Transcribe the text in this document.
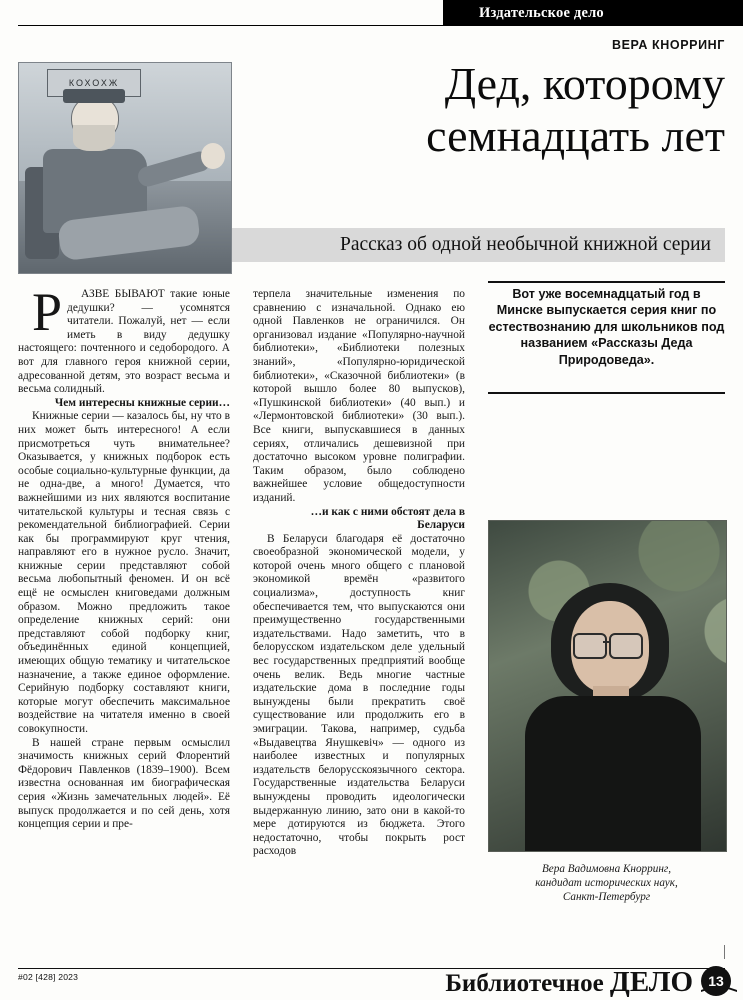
Издательское дело
ВЕРА КНОРРИНГ
Дед, которому
семнадцать лет
Рассказ об одной необычной книжной серии
КОХОХЖ

Р	АЗВЕ БЫВАЮТ такие юные дедушки? — усомнятся читатели. Пожалуй, нет — если иметь в виду дедушку настоящего: почтенного и седобородого. А вот для главного героя книжной серии, адресованной детям, это возраст весьма и весьма солидный.

Чем интересны книжные серии…

Книжные серии — казалось бы, ну что в них может быть интересного! А если присмотреться чуть внимательнее? Оказывается, у книжных подборок есть особые социально-культурные функции, да не одна-две, а много! Думается, что важнейшими из них являются воспитание читательской культуры и тесная связь с рекомендательной библиографией. Серии как бы программируют круг чтения, направляют его в нужное русло. Значит, книжные серии представляют собой весьма любопытный феномен. И он всё ещё не осмыслен книговедами должным образом. Можно предложить такое определение книжных серий: они представляют собой подборку книг, объединённых единой концепцией, имеющих общую тематику и читательское назначение, а также единое оформление. Серийную подборку составляют книги, которые могут обеспечить максимальное воздействие на читателя именно в своей совокупности.

В нашей стране первым осмыслил значимость книжных серий Флорентий Фёдорович Павленков (1839–1900). Всем известна основанная им биографическая серия «Жизнь замечательных людей». Её выпуск продолжается и по сей день, хотя концепция серии и пре-

терпела значительные изменения по сравнению с изначальной. Однако ею одной Павленков не ограничился. Он организовал издание «Популярно-научной библиотеки», «Библиотеки полезных знаний», «Популярно-юридической библиотеки», «Сказочной библиотеки» (в которой вышло более 80 выпусков), «Пушкинской библиотеки» (40 вып.) и «Лермонтовской библиотеки» (30 вып.). Все книги, выпускавшиеся в данных сериях, отличались дешевизной при достаточно высоком уровне полиграфии. Таким образом, было соблюдено важнейшее условие общедоступности изданий.

…и как с ними обстоят дела в Беларуси

В Беларуси благодаря её достаточно своеобразной экономической модели, у которой очень много общего с плановой экономикой времён «развитого социализма», доступность книг обеспечивается тем, что выпускаются они преимущественно государственными издательствами. Надо заметить, что в белорусском издательском деле удельный вес государственных предприятий вообще очень велик. Ведь многие частные издательские дома в последние годы вынуждены были прекратить своё существование или продолжить его в эмиграции. Такова, например, судьба «Выдавецтва Янушкевіч» — одного из наиболее известных и популярных издательств белорусскоязычного сектора. Государственные издательства Беларуси вынуждены проводить идеологически выдержанную линию, зато они в какой-то мере дотируются из бюджета. Этого недостаточно, чтобы покрыть рост расходов

Вот уже восемнадцатый год в Минске выпускается серия книг по естествознанию для школьников под названием «Рассказы Деда Природоведа».
Вера Вадимовна Кнорринг,
кандидат исторических наук,
Санкт-Петербург
#02 [428] 2023	Библиотечное ДЕЛО	13
